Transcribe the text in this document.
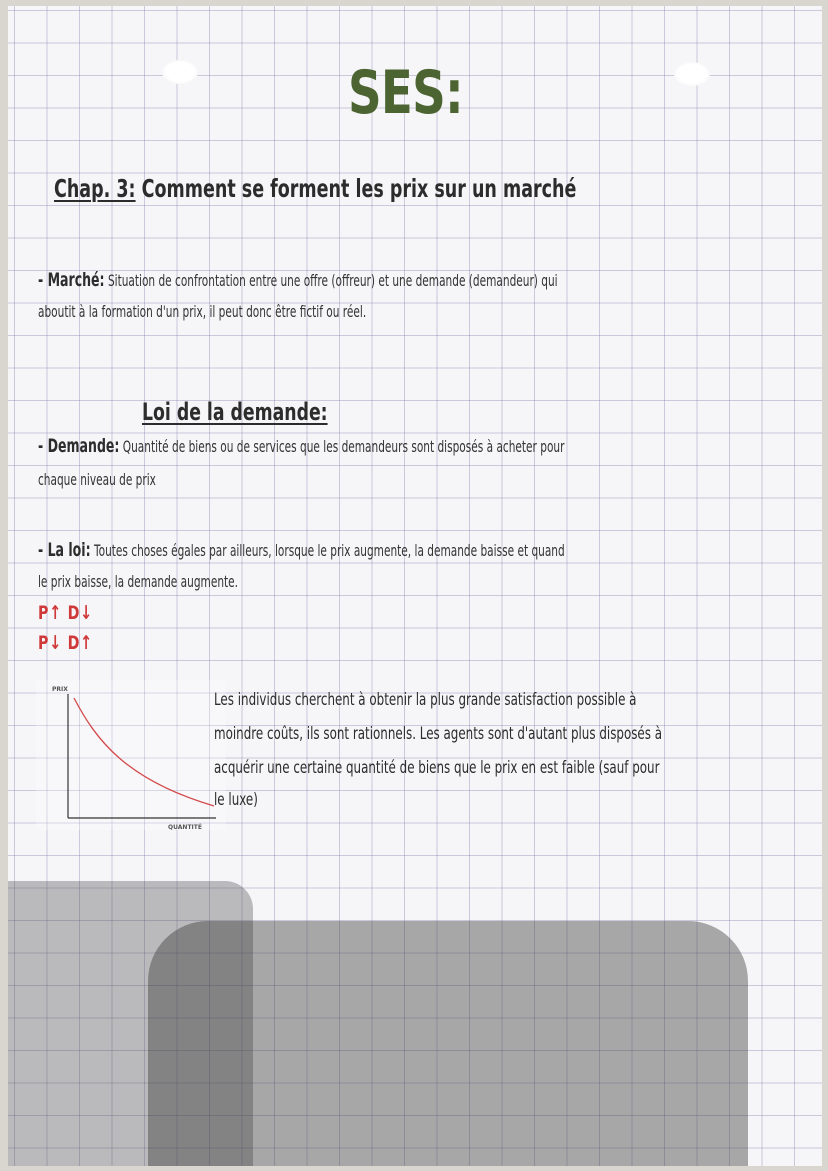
SES:
Chap. 3: Comment se forment les prix sur un marché
- Marché: Situation de confrontation entre une offre (offreur) et une demande (demandeur) qui
aboutit à la formation d'un prix, il peut donc être fictif ou réel.
Loi de la demande:
- Demande: Quantité de biens ou de services que les demandeurs sont disposés à acheter pour
chaque niveau de prix
- La loi: Toutes choses égales par ailleurs, lorsque le prix augmente, la demande baisse et quand
le prix baisse, la demande augmente.
P↑ D↓
P↓ D↑
PRIX
QUANTITÉ
Les individus cherchent à obtenir la plus grande satisfaction possible à
moindre coûts, ils sont rationnels. Les agents sont d'autant plus disposés à
acquérir une certaine quantité de biens que le prix en est faible (sauf pour
le luxe)
